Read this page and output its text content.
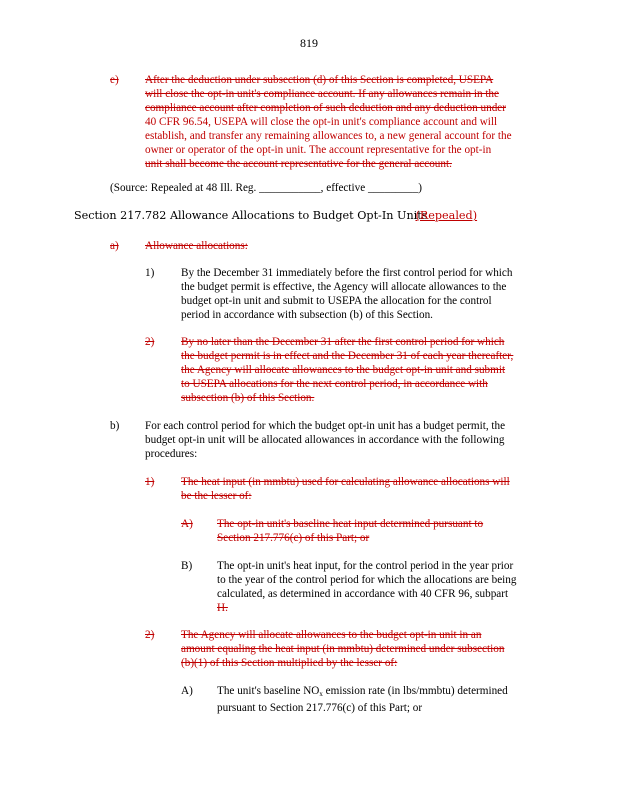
819
e) After the deduction under subsection (d) of this Section is completed, USEPA
will close the opt-in unit's compliance account. If any allowances remain in the
compliance account after completion of such deduction and any deduction under
40 CFR 96.54, USEPA will close the opt-in unit's compliance account and will
establish, and transfer any remaining allowances to, a new general account for the
owner or operator of the opt-in unit. The account representative for the opt-in
unit shall become the account representative for the general account.
(Source: Repealed at 48 Ill. Reg. ___________, effective _________)
Section 217.782 Allowance Allocations to Budget Opt-In Units(Repealed)
a) Allowance allocations:
1) By the December 31 immediately before the first control period for which
the budget permit is effective, the Agency will allocate allowances to the
budget opt-in unit and submit to USEPA the allocation for the control
period in accordance with subsection (b) of this Section.
2) By no later than the December 31 after the first control period for which
the budget permit is in effect and the December 31 of each year thereafter,
the Agency will allocate allowances to the budget opt-in unit and submit
to USEPA allocations for the next control period, in accordance with
subsection (b) of this Section.
b) For each control period for which the budget opt-in unit has a budget permit, the
budget opt-in unit will be allocated allowances in accordance with the following
procedures:
1) The heat input (in mmbtu) used for calculating allowance allocations will
be the lesser of:
A) The opt-in unit's baseline heat input determined pursuant to
Section 217.776(c) of this Part; or
B) The opt-in unit's heat input, for the control period in the year prior
to the year of the control period for which the allocations are being
calculated, as determined in accordance with 40 CFR 96, subpart
H.
2) The Agency will allocate allowances to the budget opt-in unit in an
amount equaling the heat input (in mmbtu) determined under subsection
(b)(1) of this Section multiplied by the lesser of:
A) The unit's baseline $NO_x$ emission rate (in lbs/mmbtu) determined
pursuant to Section 217.776(c) of this Part; or
